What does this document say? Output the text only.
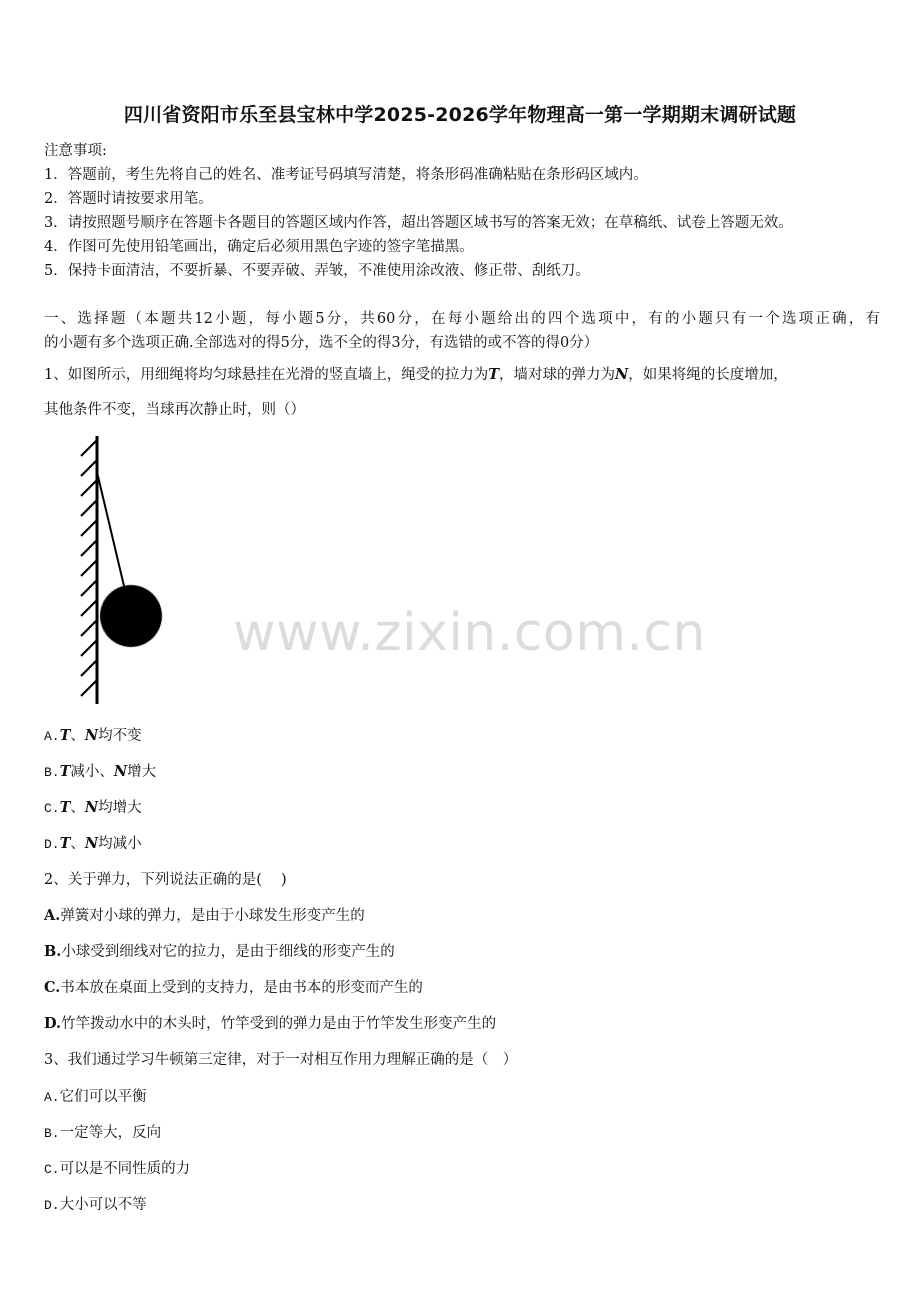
四川省资阳市乐至县宝林中学2025-2026学年物理高一第一学期期末调研试题
注意事项:
1．答题前，考生先将自己的姓名、准考证号码填写清楚，将条形码准确粘贴在条形码区域内。
2．答题时请按要求用笔。
3．请按照题号顺序在答题卡各题目的答题区域内作答，超出答题区域书写的答案无效；在草稿纸、试卷上答题无效。
4．作图可先使用铅笔画出，确定后必须用黑色字迹的签字笔描黑。
5．保持卡面清洁，不要折暴、不要弄破、弄皱，不准使用涂改液、修正带、刮纸刀。
一、选择题（本题共12小题，每小题5分，共60分，在每小题给出的四个选项中，有的小题只有一个选项正确，有
的小题有多个选项正确.全部选对的得5分，选不全的得3分，有选错的或不答的得0分）
1、如图所示，用细绳将均匀球悬挂在光滑的竖直墙上，绳受的拉力为T，墙对球的弹力为N，如果将绳的长度增加，
其他条件不变，当球再次静止时，则（）
www.zixin.com.cn
A.T、N均不变
B.T减小、N增大
C.T、N均增大
D.T、N均减小
2、关于弹力，下列说法正确的是(　 )
A.弹簧对小球的弹力，是由于小球发生形变产生的
B.小球受到细线对它的拉力，是由于细线的形变产生的
C.书本放在桌面上受到的支持力，是由书本的形变而产生的
D.竹竿拨动水中的木头时，竹竿受到的弹力是由于竹竿发生形变产生的
3、我们通过学习牛顿第三定律，对于一对相互作用力理解正确的是（　）
A.它们可以平衡
B.一定等大，反向
C.可以是不同性质的力
D.大小可以不等
